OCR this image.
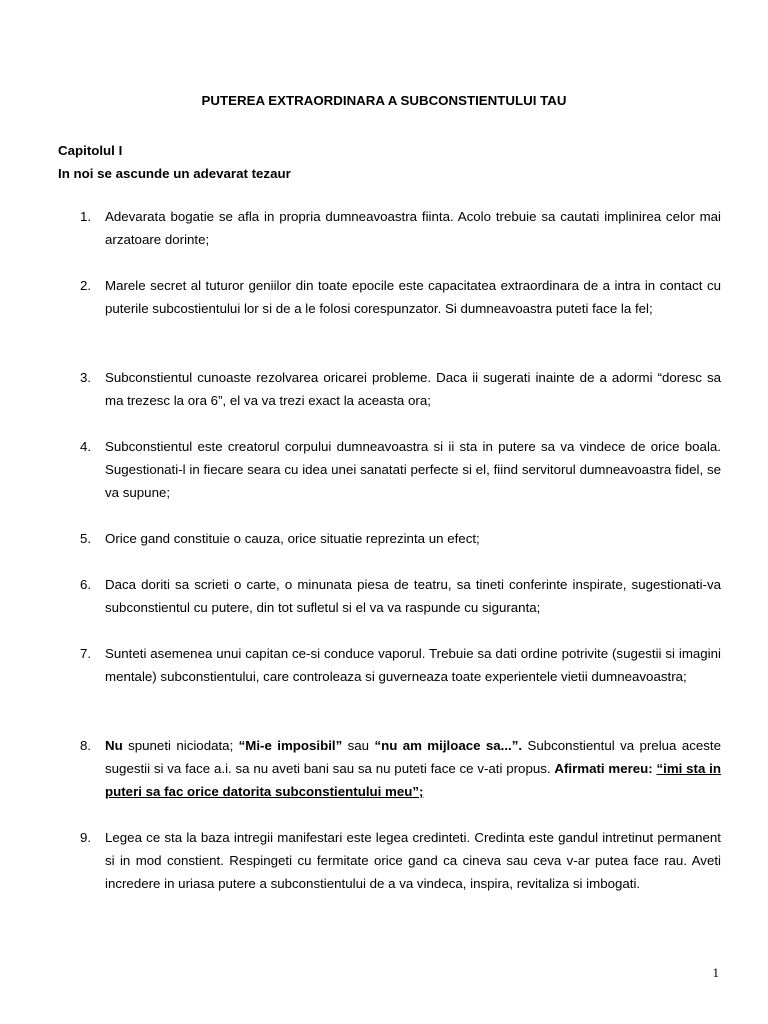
PUTEREA EXTRAORDINARA A SUBCONSTIENTULUI TAU
Capitolul I
In noi se ascunde un adevarat tezaur
1. Adevarata bogatie se afla in propria dumneavoastra fiinta. Acolo trebuie sa cautati implinirea celor mai arzatoare dorinte;
2. Marele secret al tuturor geniilor din toate epocile este capacitatea extraordinara de a intra in contact cu puterile subcostientului lor si de a le folosi corespunzator. Si dumneavoastra puteti face la fel;
3. Subconstientul cunoaste rezolvarea oricarei probleme. Daca ii sugerati inainte de a adormi “doresc sa ma trezesc la ora 6”, el va va trezi exact la aceasta ora;
4. Subconstientul este creatorul corpului dumneavoastra si ii sta in putere sa va vindece de orice boala. Sugestionati-l in fiecare seara cu idea unei sanatati perfecte si el, fiind servitorul dumneavoastra fidel, se va supune;
5. Orice gand constituie o cauza, orice situatie reprezinta un efect;
6. Daca doriti sa scrieti o carte, o minunata piesa de teatru, sa tineti conferinte inspirate, sugestionati-va subconstientul cu putere, din tot sufletul si el va va raspunde cu siguranta;
7. Sunteti asemenea unui capitan ce-si conduce vaporul. Trebuie sa dati ordine potrivite (sugestii si imagini mentale) subconstientului, care controleaza si guverneaza toate experientele vietii dumneavoastra;
8. Nu spuneti niciodata; “Mi-e imposibil” sau “nu am mijloace sa...”. Subconstientul va prelua aceste sugestii si va face a.i. sa nu aveti bani sau sa nu puteti face ce v-ati propus. Afirmati mereu: “imi sta in puteri sa fac orice datorita subconstientului meu”;
9. Legea ce sta la baza intregii manifestari este legea credinteti. Credinta este gandul intretinut permanent si in mod constient. Respingeti cu fermitate orice gand ca cineva sau ceva v-ar putea face rau. Aveti incredere in uriasa putere a subconstientului de a va vindeca, inspira, revitaliza si imbogati.
1
